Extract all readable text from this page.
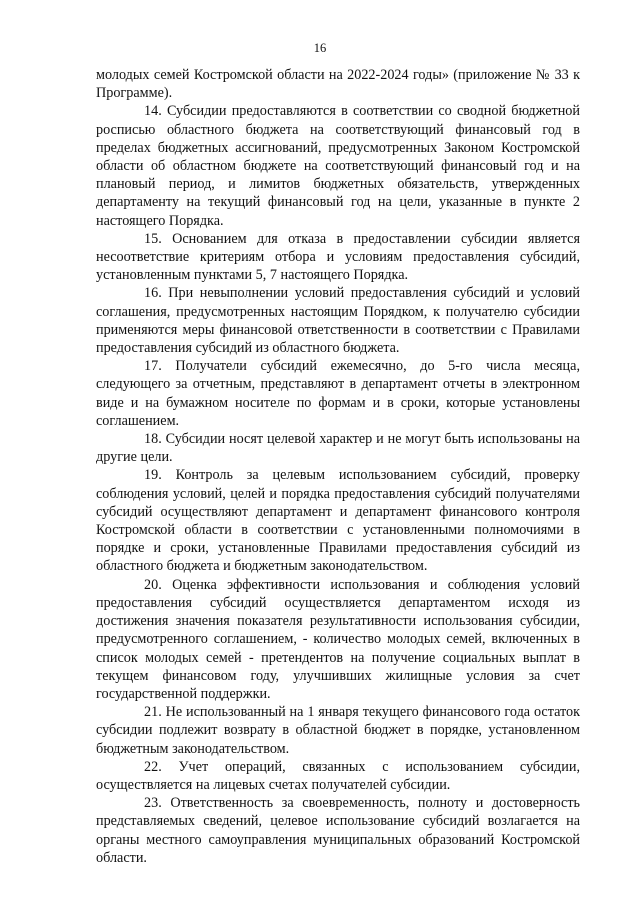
16

молодых семей Костромской области на 2022-2024 годы» (приложение № 33 к Программе).

14. Субсидии предоставляются в соответствии со сводной бюджетной росписью областного бюджета на соответствующий финансовый год в пределах бюджетных ассигнований, предусмотренных Законом Костромской области об областном бюджете на соответствующий финансовый год и на плановый период, и лимитов бюджетных обязательств, утвержденных департаменту на текущий финансовый год на цели, указанные в пункте 2 настоящего Порядка.

15. Основанием для отказа в предоставлении субсидии является несоответствие критериям отбора и условиям предоставления субсидий, установленным пунктами 5, 7 настоящего Порядка.

16. При невыполнении условий предоставления субсидий и условий соглашения, предусмотренных настоящим Порядком, к получателю субсидии применяются меры финансовой ответственности в соответствии с Правилами предоставления субсидий из областного бюджета.

17. Получатели субсидий ежемесячно, до 5-го числа месяца, следующего за отчетным, представляют в департамент отчеты в электронном виде и на бумажном носителе по формам и в сроки, которые установлены соглашением.

18. Субсидии носят целевой характер и не могут быть использованы на другие цели.

19. Контроль за целевым использованием субсидий, проверку соблюдения условий, целей и порядка предоставления субсидий получателями субсидий осуществляют департамент и департамент финансового контроля Костромской области в соответствии с установленными полномочиями в порядке и сроки, установленные Правилами предоставления субсидий из областного бюджета и бюджетным законодательством.

20. Оценка эффективности использования и соблюдения условий предоставления субсидий осуществляется департаментом исходя из достижения значения показателя результативности использования субсидии, предусмотренного соглашением, - количество молодых семей, включенных в список молодых семей - претендентов на получение социальных выплат в текущем финансовом году, улучшивших жилищные условия за счет государственной поддержки.

21. Не использованный на 1 января текущего финансового года остаток субсидии подлежит возврату в областной бюджет в порядке, установленном бюджетным законодательством.

22. Учет операций, связанных с использованием субсидии, осуществляется на лицевых счетах получателей субсидии.

23. Ответственность за своевременность, полноту и достоверность представляемых сведений, целевое использование субсидий возлагается на органы местного самоуправления муниципальных образований Костромской области.
